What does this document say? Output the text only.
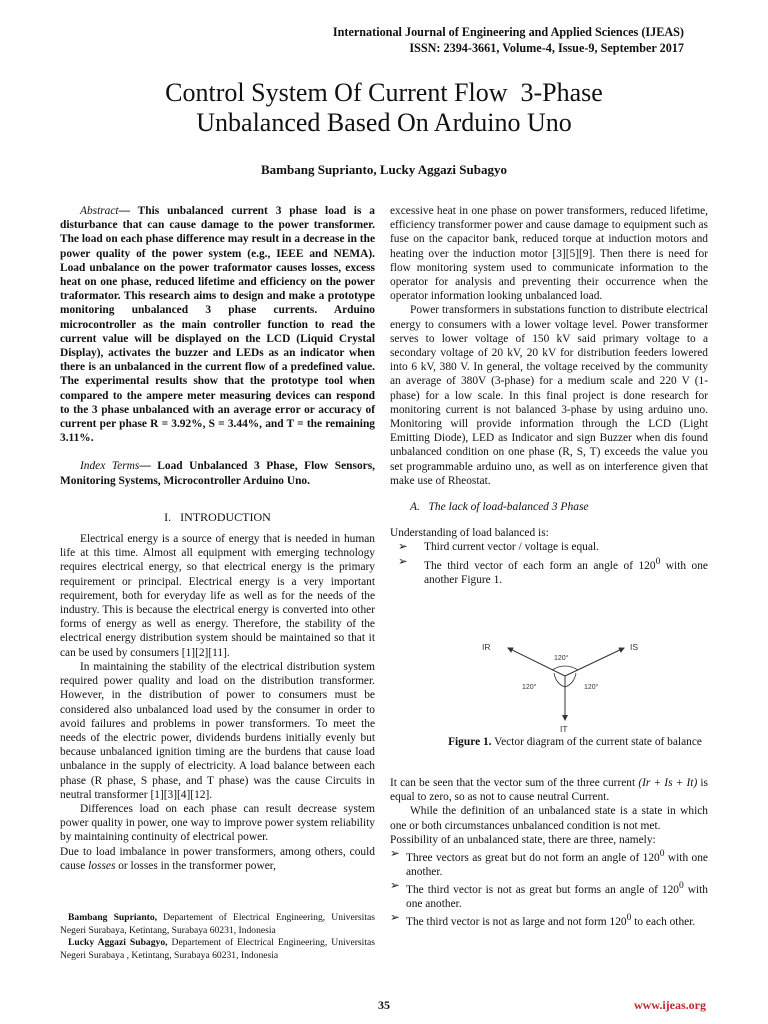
International Journal of Engineering and Applied Sciences (IJEAS)
ISSN: 2394-3661, Volume-4, Issue-9, September 2017
Control System Of Current Flow  3-Phase
Unbalanced Based On Arduino Uno
Bambang Suprianto, Lucky Aggazi Subagyo

Abstract— This unbalanced current 3 phase load is a disturbance that can cause damage to the power transformer. The load on each phase difference may result in a decrease in the power quality of the power system (e.g., IEEE and NEMA). Load unbalance on the power traformator causes losses, excess heat on one phase, reduced lifetime and efficiency on the power traformator. This research aims to design and make a prototype monitoring unbalanced 3 phase currents. Arduino microcontroller as the main controller function to read the current value will be displayed on the LCD (Liquid Crystal Display), activates the buzzer and LEDs as an indicator when there is an unbalanced in the current flow of a predefined value. The experimental results show that the prototype tool when compared to the ampere meter measuring devices can respond to the 3 phase unbalanced with an average error or accuracy of current per phase R = 3.92%, S = 3.44%, and T = the remaining 3.11%.

Index Terms— Load Unbalanced 3 Phase, Flow Sensors, Monitoring Systems, Microcontroller Arduino Uno.

I.   INTRODUCTION

Electrical energy is a source of energy that is needed in human life at this time. Almost all equipment with emerging technology requires electrical energy, so that electrical energy is the primary requirement or principal. Electrical energy is a very important requirement, both for everyday life as well as for the needs of the industry. This is because the electrical energy is converted into other forms of energy as well as energy. Therefore, the stability of the electrical energy distribution system should be maintained so that it can be used by consumers [1][2][11].

In maintaining the stability of the electrical distribution system required power quality and load on the distribution transformer. However, in the distribution of power to consumers must be considered also unbalanced load used by the consumer in order to avoid failures and problems in power transformers. To meet the needs of the electric power, dividends burdens initially evenly but because unbalanced ignition timing are the burdens that cause load unbalance in the supply of electricity. A load balance between each phase (R phase, S phase, and T phase) was the cause Circuits in neutral transformer [1][3][4][12].

Differences load on each phase can result decrease system power quality in power, one way to improve power system reliability by maintaining continuity of electrical power.

Due to load imbalance in power transformers, among others, could cause losses or losses in the transformer power,

Bambang Suprianto, Departement of Electrical Engineering, Universitas Negeri Surabaya, Ketintang, Surabaya 60231, Indonesia

Lucky Aggazi Subagyo, Departement of Electrical Engineering, Universitas Negeri Surabaya , Ketintang, Surabaya 60231, Indonesia

excessive heat in one phase on power transformers, reduced lifetime, efficiency transformer power and cause damage to equipment such as fuse on the capacitor bank, reduced torque at induction motors and heating over the induction motor [3][5][9]. Then there is need for flow monitoring system used to communicate information to the operator for analysis and preventing their occurrence when the operator information looking unbalanced load.

Power transformers in substations function to distribute electrical energy to consumers with a lower voltage level. Power transformer serves to lower voltage of 150 kV said primary voltage to a secondary voltage of 20 kV, 20 kV for distribution feeders lowered into 6 kV, 380 V. In general, the voltage received by the community an average of 380V (3-phase) for a medium scale and 220 V (1-phase) for a low scale. In this final project is done research for monitoring current is not balanced 3-phase by using arduino uno. Monitoring will provide information through the LCD (Light Emitting Diode), LED as Indicator and sign Buzzer when dis found unbalanced condition on one phase (R, S, T) exceeds the value you set programmable arduino uno, as well as on interference given that make use of Rheostat.

A.   The lack of load-balanced 3 Phase

Understanding of load balanced is:

➢ Third current vector / voltage is equal.
➢ The third vector of each form an angle of $120^0$ with one another Figure 1.
IR	IS
IT
120°
120°	120°
Figure 1. Vector diagram of the current state of balance

It can be seen that the vector sum of the three current (Ir + Is + It) is equal to zero, so as not to cause neutral Current.

While the definition of an unbalanced state is a state in which one or both circumstances unbalanced condition is not met.

Possibility of an unbalanced state, there are three, namely:

➢ Three vectors as great but do not form an angle of $120^0$ with one another.
➢ The third vector is not as great but forms an angle of $120^0$ with one another.
➢ The third vector is not as large and not form $120^0$ to each other.
35	www.ijeas.org
